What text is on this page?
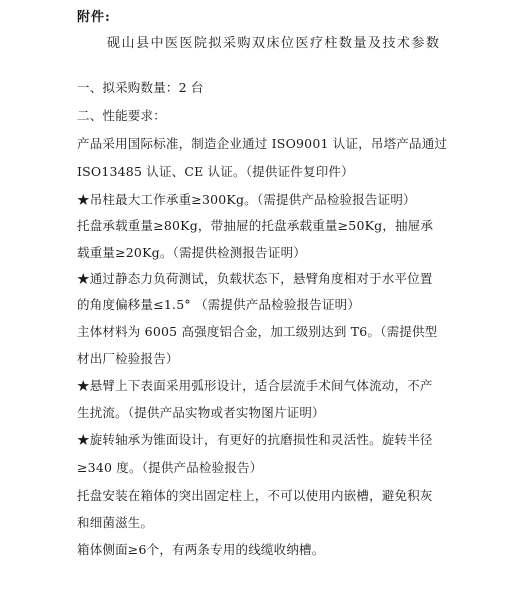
附件:
砚山县中医医院拟采购双床位医疗柱数量及技术参数
一、拟采购数量：2 台
二、性能要求：
产品采用国际标准，制造企业通过 ISO9001 认证，吊塔产品通过
ISO13485 认证、CE 认证。（提供证件复印件）
★吊柱最大工作承重≥300Kg。（需提供产品检验报告证明）
托盘承载重量≥80Kg，带抽屉的托盘承载重量≥50Kg，抽屉承
载重量≥20Kg。（需提供检测报告证明）
★通过静态力负荷测试，负载状态下，悬臂角度相对于水平位置
的角度偏移量≤1.5° （需提供产品检验报告证明）
主体材料为 6005 高强度铝合金，加工级别达到 T6。（需提供型
材出厂检验报告）
★悬臂上下表面采用弧形设计，适合层流手术间气体流动，不产
生扰流。（提供产品实物或者实物图片证明）
★旋转轴承为锥面设计，有更好的抗磨损性和灵活性。旋转半径
≥340 度。（提供产品检验报告）
托盘安装在箱体的突出固定柱上，不可以使用内嵌槽，避免积灰
和细菌滋生。
箱体侧面≥6个，有两条专用的线缆收纳槽。
